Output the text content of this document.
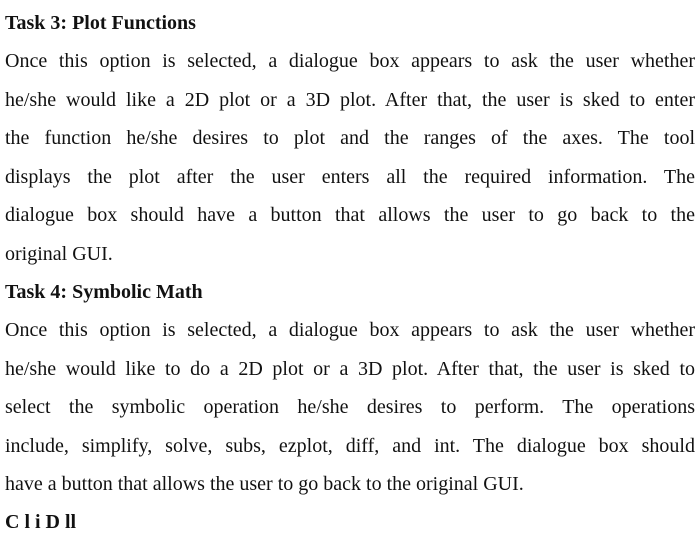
Task 3: Plot Functions
Once this option is selected, a dialogue box appears to ask the user whether
he/she would like a 2D plot or a 3D plot. After that, the user is sked to enter
the function he/she desires to plot and the ranges of the axes. The tool
displays the plot after the user enters all the required information. The
dialogue box should have a button that allows the user to go back to the
original GUI.
Task 4: Symbolic Math
Once this option is selected, a dialogue box appears to ask the user whether
he/she would like to do a 2D plot or a 3D plot. After that, the user is sked to
select the symbolic operation he/she desires to perform. The operations
include, simplify, solve, subs, ezplot, diff, and int. The dialogue box should
have a button that allows the user to go back to the original GUI.
C l i D ll
